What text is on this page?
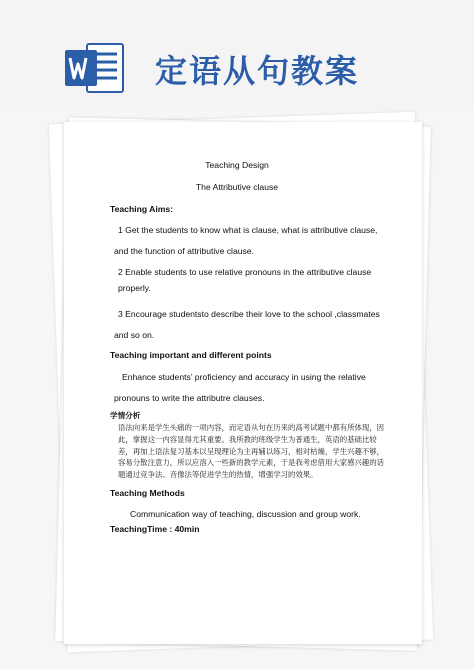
定语从句教案
Teaching Design
The Attributive clause
Teaching Aims:
1 Get the students to know what is clause, what is attributive clause,
and the function of attributive clause.
2 Enable students to use relative pronouns in the attributive clause
properly.
3 Encourage studentsto describe their love to the school ,classmates
and so on.
Teaching important and different points
Enhance students’ proficiency and accuracy in using the relative
pronouns to write the attributre clauses.
学情分析
语法向来是学生头痛的一项内容，而定语从句在历来的高考试题中都有所体现，因此，掌握这一内容显得尤其重要。我所教的班级学生为普通生，英语的基础比较差，再加上语法复习基本以呈现理论为主再辅以练习，相对枯燥，学生兴趣不够，容易分散注意力，所以应溶入一些新的教学元素，于是我考虑借用大家感兴趣的话题通过竞争法、音像法等促进学生的热情，增强学习的效果。
Teaching Methods
Communication way of teaching, discussion and group work.
TeachingTime : 40min
